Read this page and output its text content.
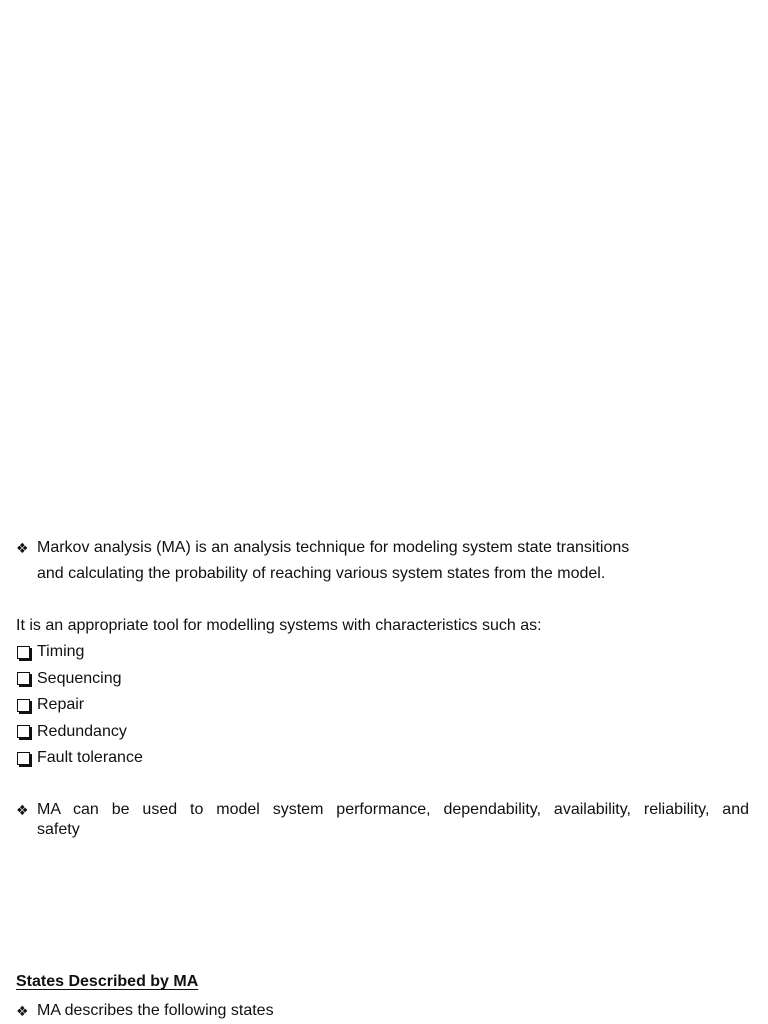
❖ Markov analysis (MA) is an analysis technique for modeling system state transitions
and calculating the probability of reaching various system states from the model.
It is an appropriate tool for modelling systems with characteristics such as:
Timing
Sequencing
Repair
Redundancy
Fault tolerance
❖ MA can be used to model system performance, dependability, availability, reliability, and
safety
States Described by MA
❖ MA describes the following states
